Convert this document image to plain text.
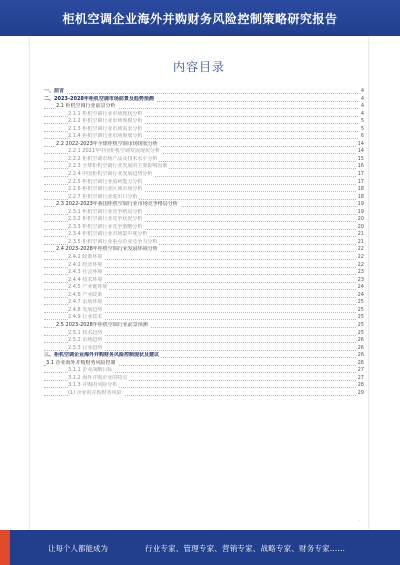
柜机空调企业海外并购财务风险控制策略研究报告
内容目录
一、前言	4
二、2023-2028年柜机空调市场前景及趋势预测	4
2.1 柜机空调行业前景分析	4
2.1.1 柜机空调行业市场现状分析	4
2.1.2 柜机空调行业市场规模分析	5
2.1.3 柜机空调行业市场需求分析	5
2.1.4 柜机空调行业市场规划分析	6
2.2 2022-2023年全球柜机空调市场现状分析	14
2.2.1 2021年中国柜机空调发展现状分析	14
2.2.2 柜机空调市场产品及技术水平分析	15
2.2.3 全球柜机空调行业发展的主要影响因素	16
2.2.4 中国柜机空调行业发展趋势分析	17
2.2.5 柜机空调行业盈利能力分析	17
2.2.6 柜机空调行业区域市场分析	18
2.2.7 柜机空调行业进出口分析	18
2.3 2022-2023年我国柜机空调行业市场竞争格局分析	19
2.3.1 柜机空调行业竞争格局分析	19
2.3.2 柜机空调行业竞争状况分析	20
2.3.3 柜机空调行业竞争策略分析	20
2.3.4 柜机空调行业市场集中度分析	21
2.3.5 柜机空调行业重点企业竞争力分析	21
2.4 2023-2028年柜机空调行业发展环境分析	22
2.4.1 政策环境	22
2.4.2 经济环境	22
2.4.3 社会环境	23
2.4.4 技术环境	23
2.4.5 产业链环境	24
2.4.6 产业政策	24
2.4.7 市场环境	25
2.4.8 发展趋势	25
2.4.9 行业技术	25
2.5 2023-2028年柜机空调行业前景预测	25
2.5.1 技术趋势	25
2.5.2 市场趋势	26
2.5.3 行业趋势	26
三、柜机空调企业海外并购财务风险控制现状及建议	26
3.1 企业海外并购财务风险控制	26
3.1.1 企业战略目标	27
3.1.2 海外并购企业的特点	27
3.1.3 并购的风险分析	28
(1) 企业的并购财务风险	29
·
让每个人都能成为	行业专家、管理专家、营销专家、战略专家、财务专家……
